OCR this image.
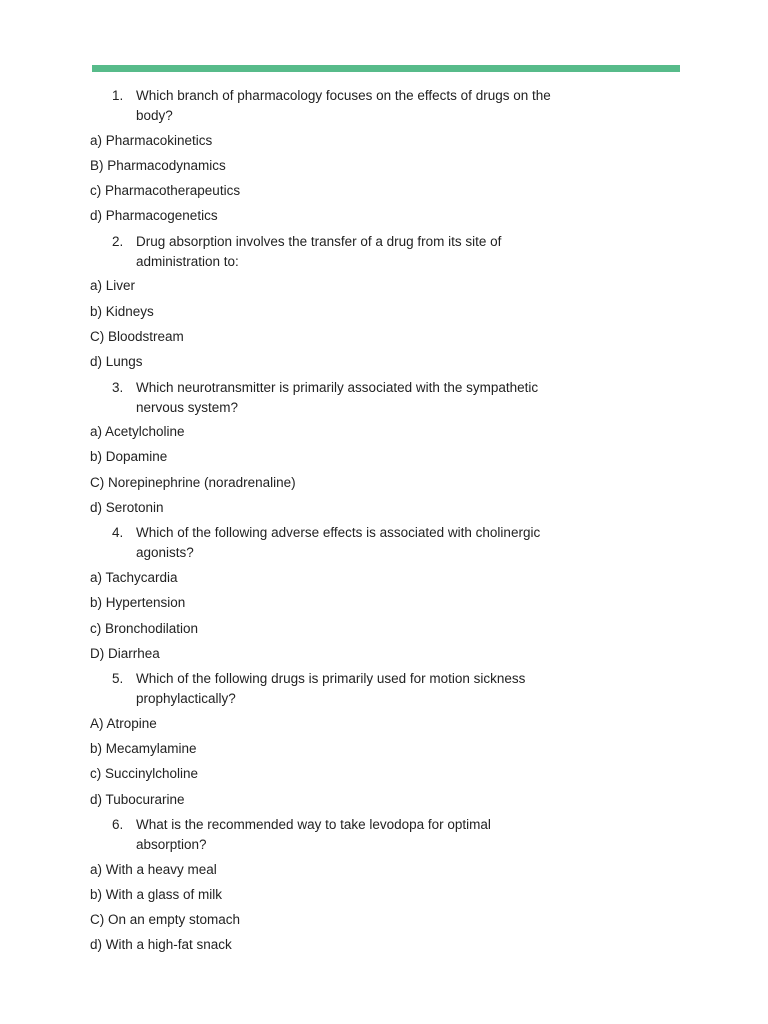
1. Which branch of pharmacology focuses on the effects of drugs on the body?
a) Pharmacokinetics
B) Pharmacodynamics
c) Pharmacotherapeutics
d) Pharmacogenetics
2. Drug absorption involves the transfer of a drug from its site of administration to:
a) Liver
b) Kidneys
C) Bloodstream
d) Lungs
3. Which neurotransmitter is primarily associated with the sympathetic nervous system?
a) Acetylcholine
b) Dopamine
C) Norepinephrine (noradrenaline)
d) Serotonin
4. Which of the following adverse effects is associated with cholinergic agonists?
a) Tachycardia
b) Hypertension
c) Bronchodilation
D) Diarrhea
5. Which of the following drugs is primarily used for motion sickness prophylactically?
A) Atropine
b) Mecamylamine
c) Succinylcholine
d) Tubocurarine
6. What is the recommended way to take levodopa for optimal absorption?
a) With a heavy meal
b) With a glass of milk
C) On an empty stomach
d) With a high-fat snack
